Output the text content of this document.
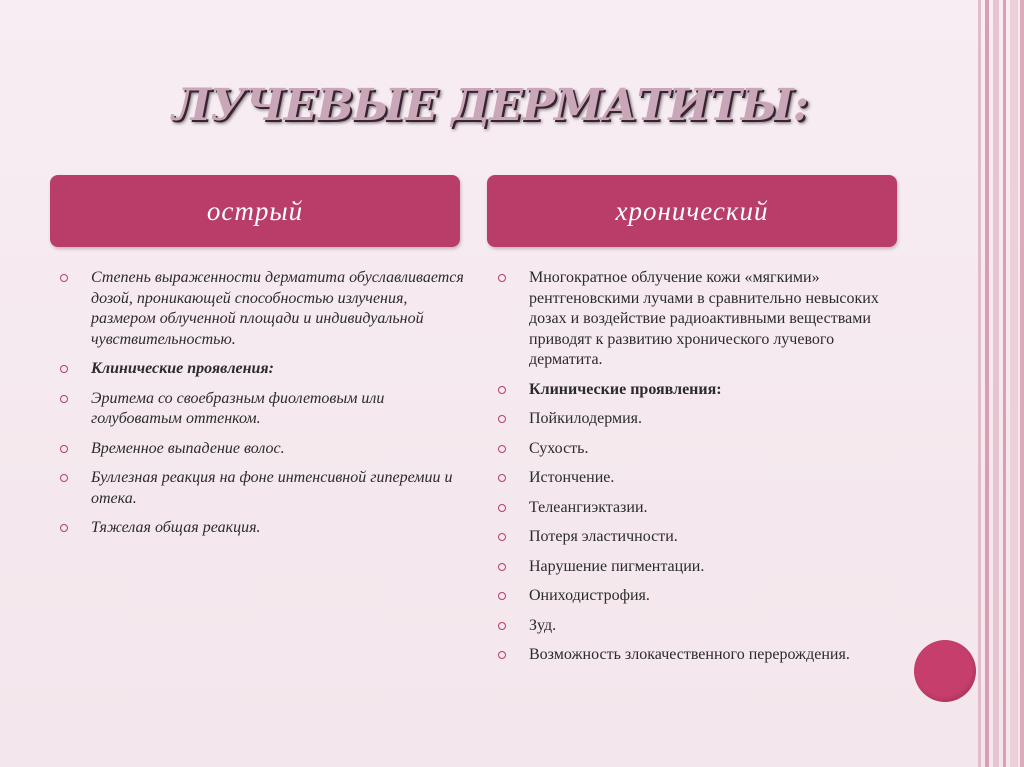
ЛУЧЕВЫЕ ДЕРМАТИТЫ:
острый	хронический
Степень выраженности дерматита обуславливается дозой, проникающей способностью излучения, размером облученной площади и индивидуальной чувствительностью.
Клинические проявления:
Эритема со своебразным фиолетовым или голубоватым оттенком.
Временное выпадение волос.
Буллезная реакция на фоне интенсивной гиперемии и отека.
Тяжелая общая реакция.
Многократное облучение кожи «мягкими» рентгеновскими лучами в сравнительно невысоких дозах и воздействие радиоактивными веществами приводят к развитию хронического лучевого дерматита.
Клинические проявления:
Пойкилодермия.
Сухость.
Истончение.
Телеангиэктазии.
Потеря эластичности.
Нарушение пигментации.
Ониходистрофия.
Зуд.
Возможность злокачественного перерождения.
